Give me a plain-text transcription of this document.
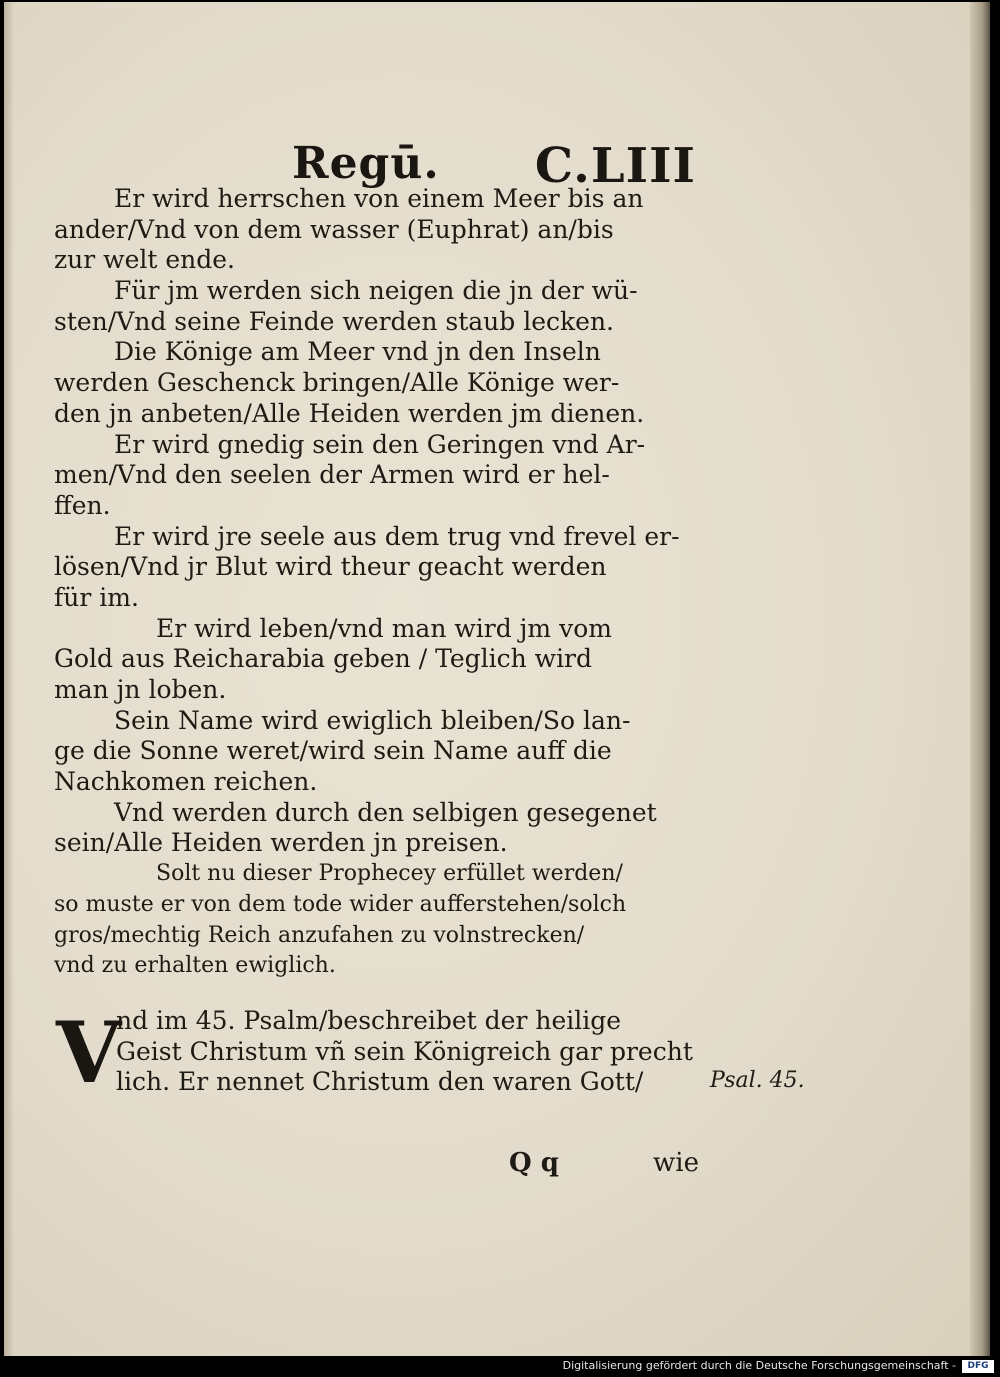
Regū. C.LIII
Er wird herrschen von einem Meer bis an
ander/Vnd von dem wasser (Euphrat) an/bis
zur welt ende.
Für jm werden sich neigen die jn der wü-
sten/Vnd seine Feinde werden staub lecken.
Die Könige am Meer vnd jn den Inseln
werden Geschenck bringen/Alle Könige wer-
den jn anbeten/Alle Heiden werden jm dienen.
Er wird gnedig sein den Geringen vnd Ar-
men/Vnd den seelen der Armen wird er hel-
ffen.
Er wird jre seele aus dem trug vnd frevel er-
lösen/Vnd jr Blut wird theur geacht werden
für im.
Er wird leben/vnd man wird jm vom
Gold aus Reicharabia geben / Teglich wird
man jn loben.
Sein Name wird ewiglich bleiben/So lan-
ge die Sonne weret/wird sein Name auff die
Nachkomen reichen.
Vnd werden durch den selbigen gesegenet
sein/Alle Heiden werden jn preisen.
Solt nu dieser Prophecey erfüllet werden/
so muste er von dem tode wider aufferstehen/solch
gros/mechtig Reich anzufahen zu volnstrecken/
vnd zu erhalten ewiglich.
V
nd im 45. Psalm/beschreibet der heilige
Geist Christum vñ sein Königreich gar precht
lich. Er nennet Christum den waren Gott/	Psal. 45.
Q q	wie
Digitalisierung gefördert durch die Deutsche Forschungsgemeinschaft -	DFG
